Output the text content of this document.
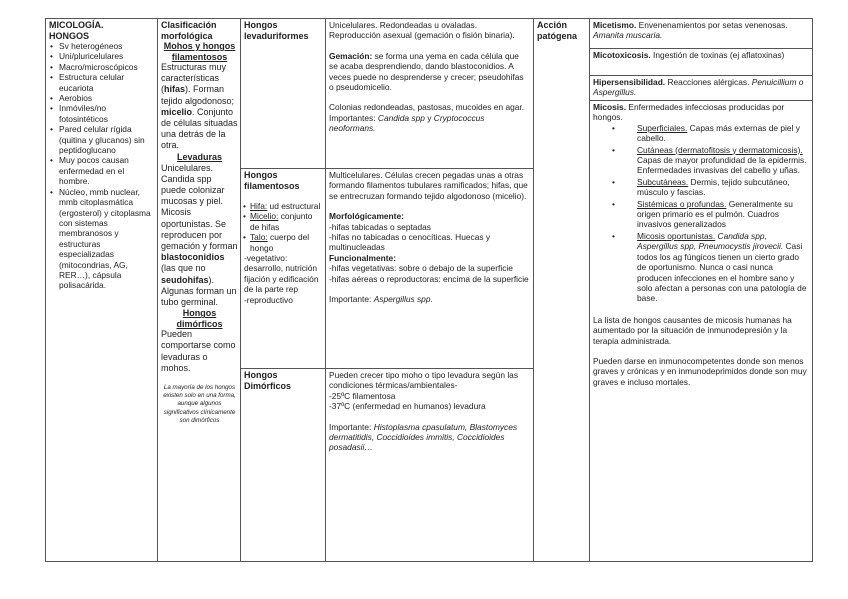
MICOLOGÍA.
HONGOS
• Sv heterogéneos
• Uni/pluricelulares
• Macro/microscópicos
• Estructura celular eucariota
• Aerobios
• Inmóviles/no fotosintéticos
• Pared celular rígida (quitina y glucanos) sin peptidoglucano
• Muy pocos causan enfermedad en el hombre.
• Núcleo, mmb nuclear, mmb citoplasmática (ergosterol) y citoplasma con sistemas membranosos y estructuras especializadas (mitocondrias, AG, RER…), cápsula polisacárida.
Clasificación morfológica
Mohos y hongos filamentosos

Estructuras muy características (hifas). Forman tejido algodonoso; micelio. Conjunto de células situadas una detrás de la otra.

Levaduras

Unicelulares. Candida spp puede colonizar mucosas y piel. Micosis oportunistas. Se reproducen por gemación y forman blastoconidios (las que no seudohifas). Algunas forman un tubo germinal.

Hongos dimórficos

Pueden comportarse como levaduras o mohos.

La mayoría de los hongos existen solo en una forma, aunque algunos significativos clínicamente son dimórficos

Hongos levaduriformes
Hongos filamentosos
• Hifa: ud estructural
• Micelio: conjunto de hifas
• Talo: cuerpo del hongo

-vegetativo: desarrollo, nutrición fijación y edificación de la parte rep

-reproductivo

Hongos Dimórficos

Unicelulares. Redondeadas u ovaladas. Reproducción asexual (gemación o fisión binaria).

Gemación: se forma una yema en cada célula que se acaba desprendiendo, dando blastoconidios. A veces puede no desprenderse y crecer; pseudohifas o pseudomicelio.

Colonias redondeadas, pastosas, mucoides en agar. Importantes: Candida spp y Cryptococcus neoformans.

Multicelulares. Células crecen pegadas unas a otras formando filamentos tubulares ramificados; hifas, que se entrecruzan formando tejido algodonoso (micelio).

Morfológicamente:

-hifas tabicadas o septadas

-hifas no tabicadas o cenocíticas. Huecas y multinucleadas

Funcionalmente:

-hifas vegetativas: sobre o debajo de la superficie

-hifas aéreas o reproductoras: encima de la superficie

Importante: Aspergillus spp.

Pueden crecer tipo moho o tipo levadura según las condiciones térmicas/ambientales-

-25ºC filamentosa

-37ºC (enfermedad en humanos) levadura

Importante: Histoplasma cpasulatum, Blastomyces dermatitidis, Coccidioides immitis, Coccidioides posadasii…

Acción patógena
Micetismo. Envenenamientos por setas venenosas. Amanita muscaria.
Micotoxicosis. Ingestión de toxinas (ej aflatoxinas)
Hipersensibilidad. Reacciones alérgicas. Penuicillium o Aspergillus.

Micosis. Enfermedades infecciosas producidas por hongos.

• Superficiales. Capas más externas de piel y cabello.
• Cutáneas (dermatofitosis y dermatomicosis). Capas de mayor profundidad de la epidermis. Enfermedades invasivas del cabello y uñas.
• Subcutáneas. Dermis, tejido subcutáneo, músculo y fascias.
• Sistémicas o profundas. Generalmente su origen primario es el pulmón. Cuadros invasivos generalizados
• Micosis oportunistas. Candida spp, Aspergillus spp, Pneumocystis jirovecii. Casi todos los ag fúngicos tienen un cierto grado de oportunismo. Nunca o casi nunca producen infecciones en el hombre sano y solo afectan a personas con una patología de base.

La lista de hongos causantes de micosis humanas ha aumentado por la situación de inmunodepresión y la terapia administrada.

Pueden darse en inmunocompetentes donde son menos graves y crónicas y en inmunodeprimidos donde son muy graves e incluso mortales.
